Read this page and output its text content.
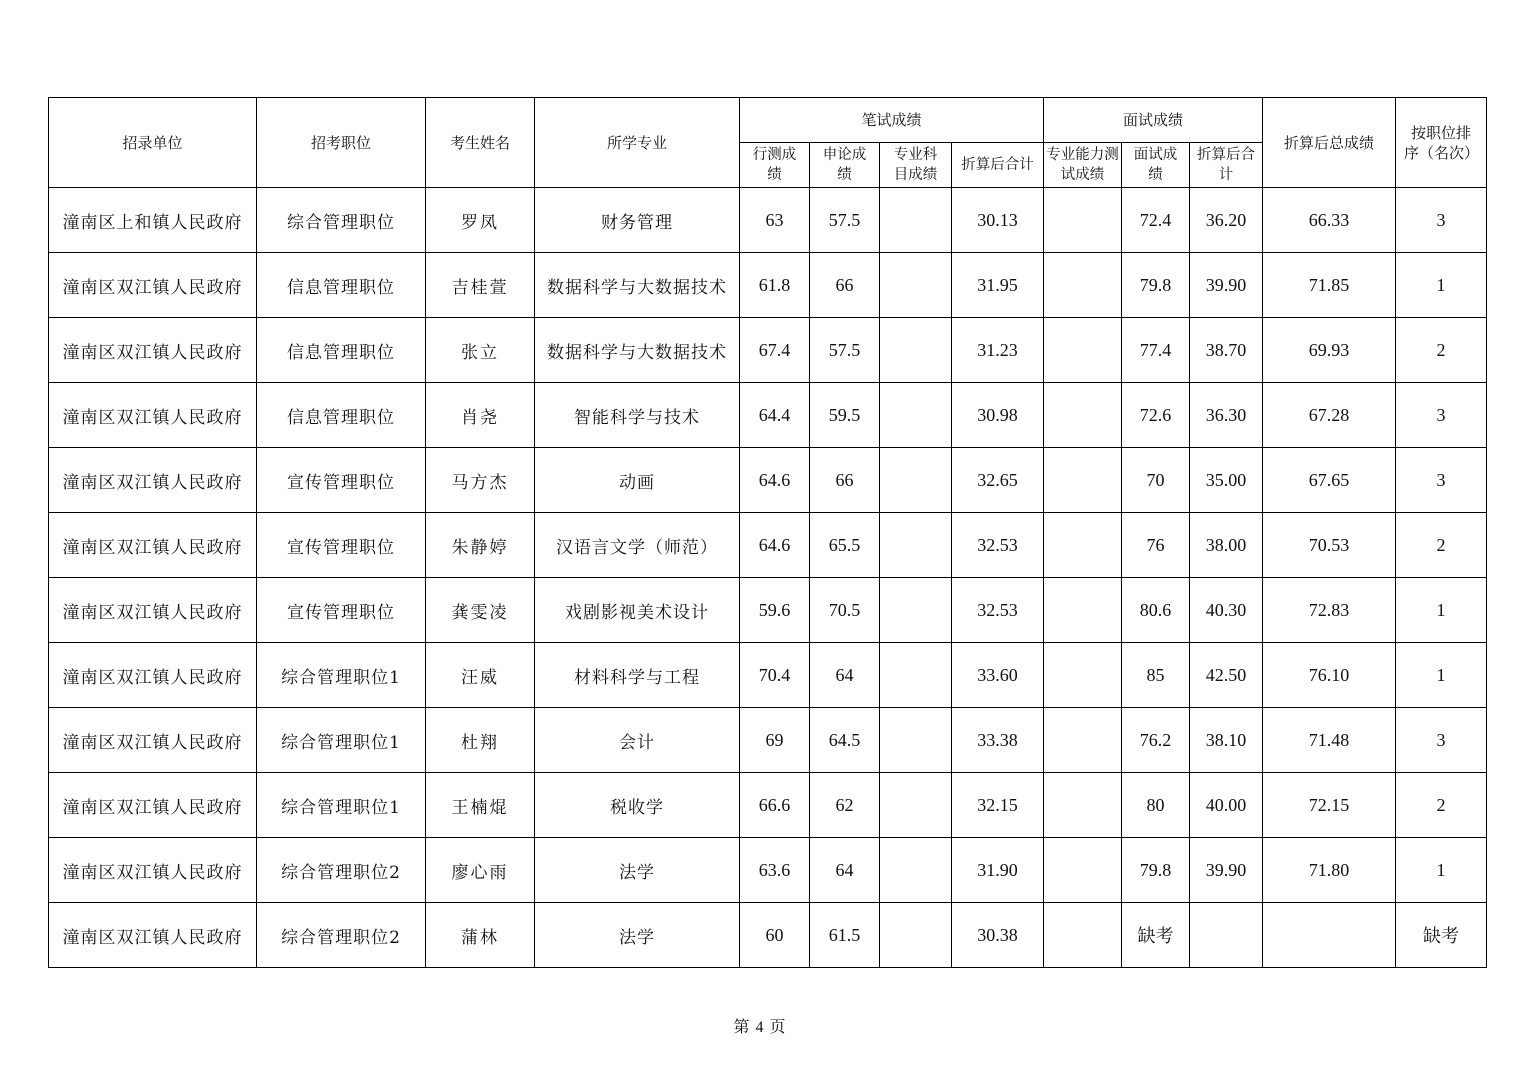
招录单位	招考职位	考生姓名	所学专业	笔试成绩				面试成绩			折算后总成绩	按职位排序（名次）
				行测成绩	申论成绩	专业科目成绩	折算后合计	专业能力测试成绩	面试成绩	折算后合计		
潼南区上和镇人民政府	综合管理职位	罗凤	财务管理	63	57.5		30.13		72.4	36.20	66.33	3
潼南区双江镇人民政府	信息管理职位	吉桂萱	数据科学与大数据技术	61.8	66		31.95		79.8	39.90	71.85	1
潼南区双江镇人民政府	信息管理职位	张立	数据科学与大数据技术	67.4	57.5		31.23		77.4	38.70	69.93	2
潼南区双江镇人民政府	信息管理职位	肖尧	智能科学与技术	64.4	59.5		30.98		72.6	36.30	67.28	3
潼南区双江镇人民政府	宣传管理职位	马方杰	动画	64.6	66		32.65		70	35.00	67.65	3
潼南区双江镇人民政府	宣传管理职位	朱静婷	汉语言文学（师范）	64.6	65.5		32.53		76	38.00	70.53	2
潼南区双江镇人民政府	宣传管理职位	龚雯凌	戏剧影视美术设计	59.6	70.5		32.53		80.6	40.30	72.83	1
潼南区双江镇人民政府	综合管理职位1	汪威	材料科学与工程	70.4	64		33.60		85	42.50	76.10	1
潼南区双江镇人民政府	综合管理职位1	杜翔	会计	69	64.5		33.38		76.2	38.10	71.48	3
潼南区双江镇人民政府	综合管理职位1	王楠焜	税收学	66.6	62		32.15		80	40.00	72.15	2
潼南区双江镇人民政府	综合管理职位2	廖心雨	法学	63.6	64		31.90		79.8	39.90	71.80	1
潼南区双江镇人民政府	综合管理职位2	蒲林	法学	60	61.5		30.38		缺考			缺考
第 4 页
